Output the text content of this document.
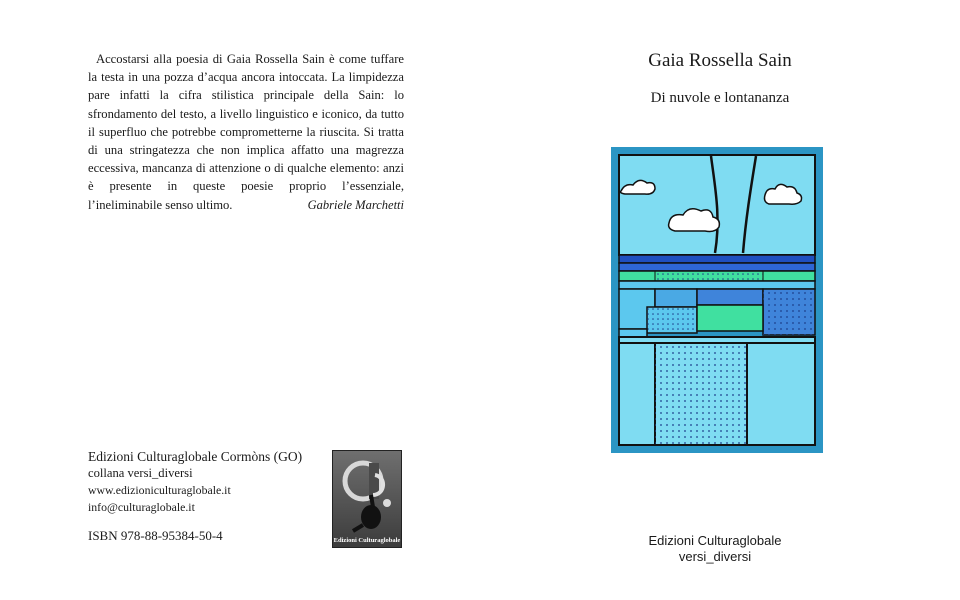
Accostarsi alla poesia di Gaia Rossella Sain è come tuffare la testa in una pozza d’acqua ancora intoccata. La limpidezza pare infatti la cifra stilistica principale della Sain: lo sfrondamento del testo, a livello linguistico e iconico, da tutto il superfluo che potrebbe comprometterne la riuscita. Si tratta di una stringatezza che non implica affatto una magrezza eccessiva, mancanza di attenzione o di qualche elemento: anzi è presente in queste poesie proprio l’essenziale, l’ineliminabile senso ultimo.	Gabriele Marchetti
Edizioni Culturaglobale Cormòns (GO)
collana versi_diversi
www.edizioniculturaglobale.it
info@culturaglobale.it
ISBN 978-88-95384-50-4	Edizioni Culturaglobale
Gaia Rossella Sain
Di nuvole e lontananza
Edizioni Culturaglobale
versi_diversi
